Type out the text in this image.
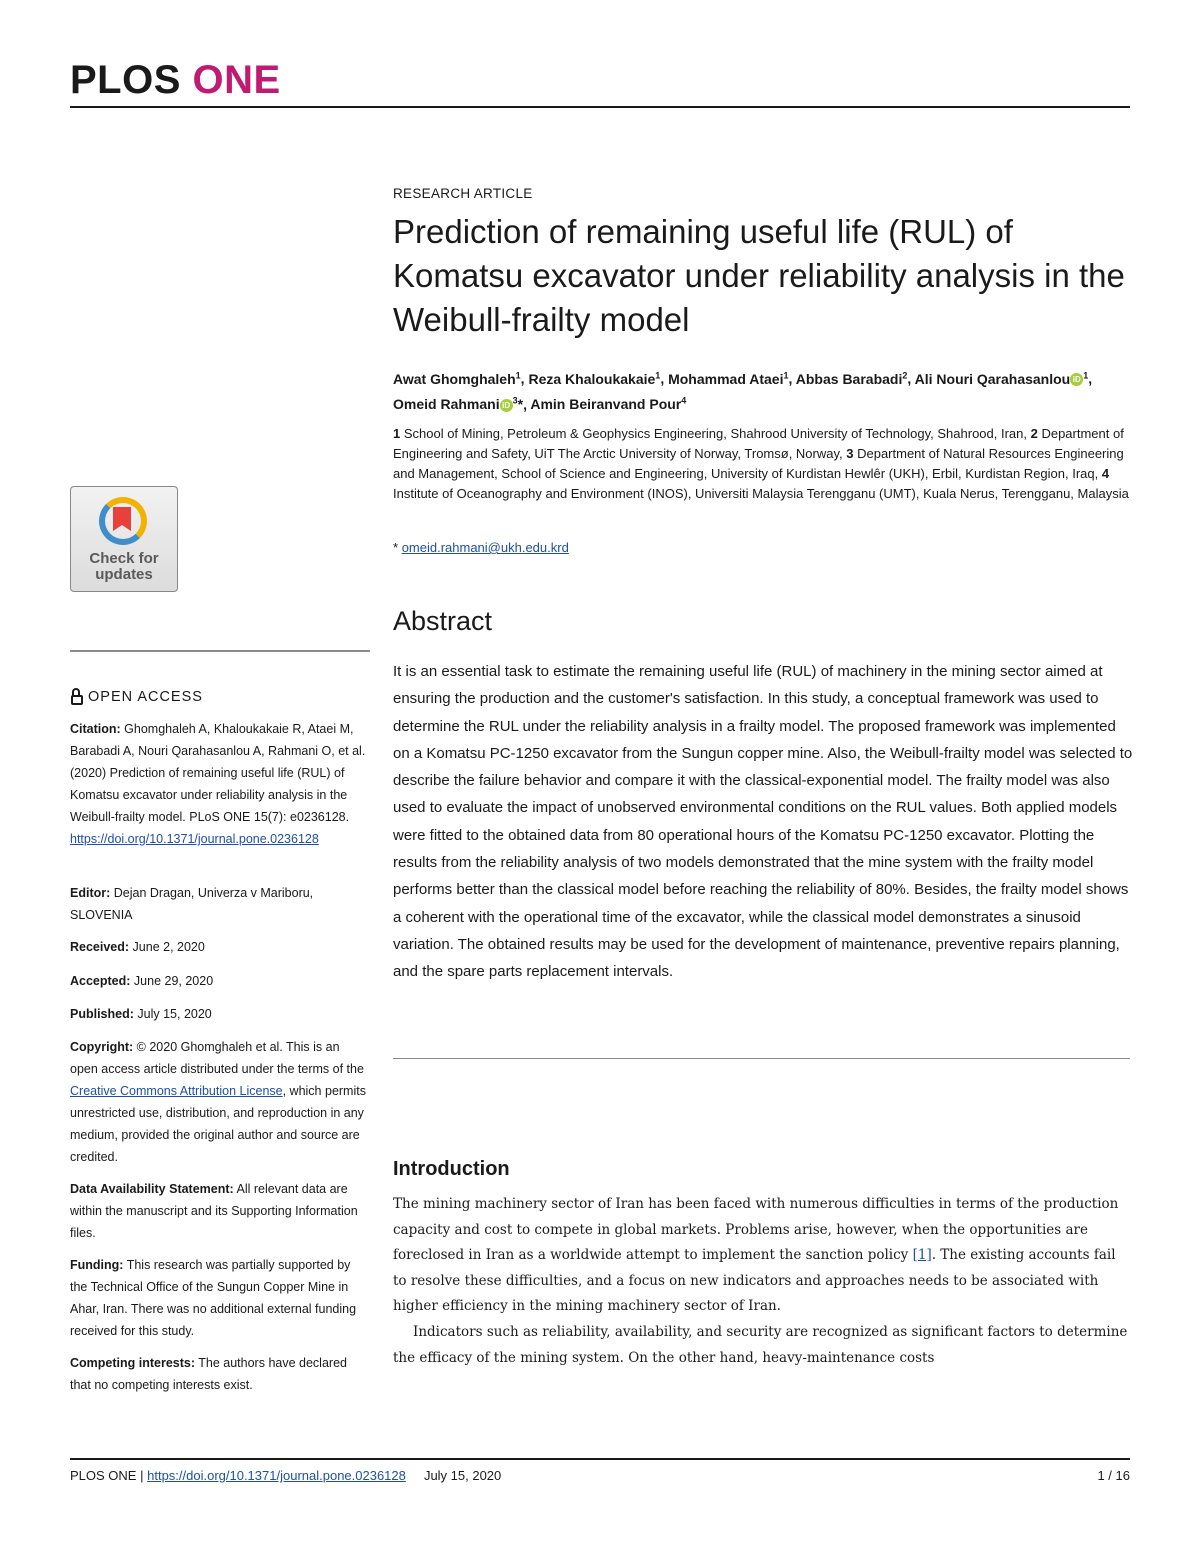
PLOS ONE
Check for
updates
OPEN ACCESS
Citation: Ghomghaleh A, Khaloukakaie R, Ataei M, Barabadi A, Nouri Qarahasanlou A, Rahmani O, et al. (2020) Prediction of remaining useful life (RUL) of Komatsu excavator under reliability analysis in the Weibull-frailty model. PLoS ONE 15(7): e0236128. https://doi.org/10.1371/journal.pone.0236128
Editor: Dejan Dragan, Univerza v Mariboru, SLOVENIA
Received: June 2, 2020
Accepted: June 29, 2020
Published: July 15, 2020
Copyright: © 2020 Ghomghaleh et al. This is an open access article distributed under the terms of the Creative Commons Attribution License, which permits unrestricted use, distribution, and reproduction in any medium, provided the original author and source are credited.
Data Availability Statement: All relevant data are within the manuscript and its Supporting Information files.
Funding: This research was partially supported by the Technical Office of the Sungun Copper Mine in Ahar, Iran. There was no additional external funding received for this study.
Competing interests: The authors have declared that no competing interests exist.
RESEARCH ARTICLE
Prediction of remaining useful life (RUL) of Komatsu excavator under reliability analysis in the Weibull-frailty model
Awat Ghomghaleh$^1$, Reza Khaloukakaie$^1$, Mohammad Ataei$^1$, Abbas Barabadi$^2$, Ali Nouri Qarahasanlou iD $^1$, Omeid Rahmani iD $^3$*, Amin Beiranvand Pour$^4$
1 School of Mining, Petroleum & Geophysics Engineering, Shahrood University of Technology, Shahrood, Iran, 2 Department of Engineering and Safety, UiT The Arctic University of Norway, Tromsø, Norway, 3 Department of Natural Resources Engineering and Management, School of Science and Engineering, University of Kurdistan Hewlêr (UKH), Erbil, Kurdistan Region, Iraq, 4 Institute of Oceanography and Environment (INOS), Universiti Malaysia Terengganu (UMT), Kuala Nerus, Terengganu, Malaysia
* omeid.rahmani@ukh.edu.krd
Abstract
It is an essential task to estimate the remaining useful life (RUL) of machinery in the mining sector aimed at ensuring the production and the customer's satisfaction. In this study, a conceptual framework was used to determine the RUL under the reliability analysis in a frailty model. The proposed framework was implemented on a Komatsu PC-1250 excavator from the Sungun copper mine. Also, the Weibull-frailty model was selected to describe the failure behavior and compare it with the classical-exponential model. The frailty model was also used to evaluate the impact of unobserved environmental conditions on the RUL values. Both applied models were fitted to the obtained data from 80 operational hours of the Komatsu PC-1250 excavator. Plotting the results from the reliability analysis of two models demonstrated that the mine system with the frailty model performs better than the classical model before reaching the reliability of 80%. Besides, the frailty model shows a coherent with the operational time of the excavator, while the classical model demonstrates a sinusoid variation. The obtained results may be used for the development of maintenance, preventive repairs planning, and the spare parts replacement intervals.
Introduction

The mining machinery sector of Iran has been faced with numerous difficulties in terms of the production capacity and cost to compete in global markets. Problems arise, however, when the opportunities are foreclosed in Iran as a worldwide attempt to implement the sanction policy [1]. The existing accounts fail to resolve these difficulties, and a focus on new indicators and approaches needs to be associated with higher efficiency in the mining machinery sector of Iran.

Indicators such as reliability, availability, and security are recognized as significant factors to determine the efficacy of the mining system. On the other hand, heavy-maintenance costs

PLOS ONE | https://doi.org/10.1371/journal.pone.0236128 July 15, 2020	1 / 16
